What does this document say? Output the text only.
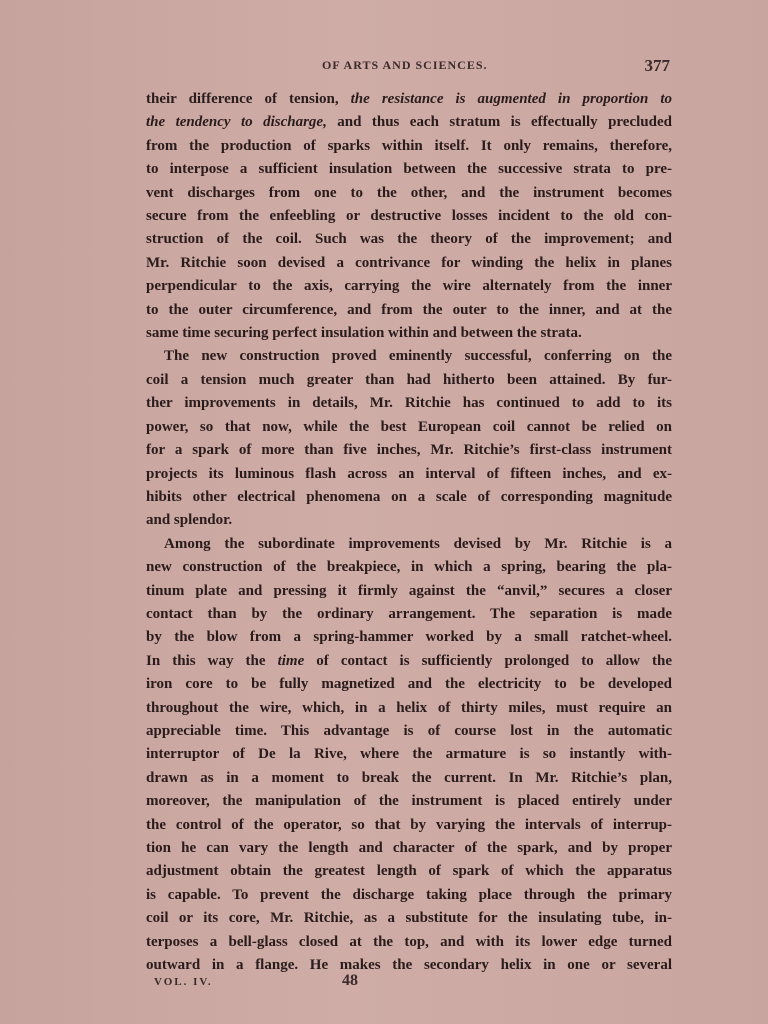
OF ARTS AND SCIENCES.	377

their difference of tension, the resistance is augmented in proportion to

the tendency to discharge, and thus each stratum is effectually precluded

from the production of sparks within itself. It only remains, therefore,

to interpose a sufficient insulation between the successive strata to pre-

vent discharges from one to the other, and the instrument becomes

secure from the enfeebling or destructive losses incident to the old con-

struction of the coil. Such was the theory of the improvement; and

Mr. Ritchie soon devised a contrivance for winding the helix in planes

perpendicular to the axis, carrying the wire alternately from the inner

to the outer circumference, and from the outer to the inner, and at the

same time securing perfect insulation within and between the strata.

The new construction proved eminently successful, conferring on the

coil a tension much greater than had hitherto been attained. By fur-

ther improvements in details, Mr. Ritchie has continued to add to its

power, so that now, while the best European coil cannot be relied on

for a spark of more than five inches, Mr. Ritchie’s first-class instrument

projects its luminous flash across an interval of fifteen inches, and ex-

hibits other electrical phenomena on a scale of corresponding magnitude

and splendor.

Among the subordinate improvements devised by Mr. Ritchie is a

new construction of the breakpiece, in which a spring, bearing the pla-

tinum plate and pressing it firmly against the “anvil,” secures a closer

contact than by the ordinary arrangement. The separation is made

by the blow from a spring-hammer worked by a small ratchet-wheel.

In this way the time of contact is sufficiently prolonged to allow the

iron core to be fully magnetized and the electricity to be developed

throughout the wire, which, in a helix of thirty miles, must require an

appreciable time. This advantage is of course lost in the automatic

interruptor of De la Rive, where the armature is so instantly with-

drawn as in a moment to break the current. In Mr. Ritchie’s plan,

moreover, the manipulation of the instrument is placed entirely under

the control of the operator, so that by varying the intervals of interrup-

tion he can vary the length and character of the spark, and by proper

adjustment obtain the greatest length of spark of which the apparatus

is capable. To prevent the discharge taking place through the primary

coil or its core, Mr. Ritchie, as a substitute for the insulating tube, in-

terposes a bell-glass closed at the top, and with its lower edge turned

outward in a flange. He makes the secondary helix in one or several

VOL. IV.	48
